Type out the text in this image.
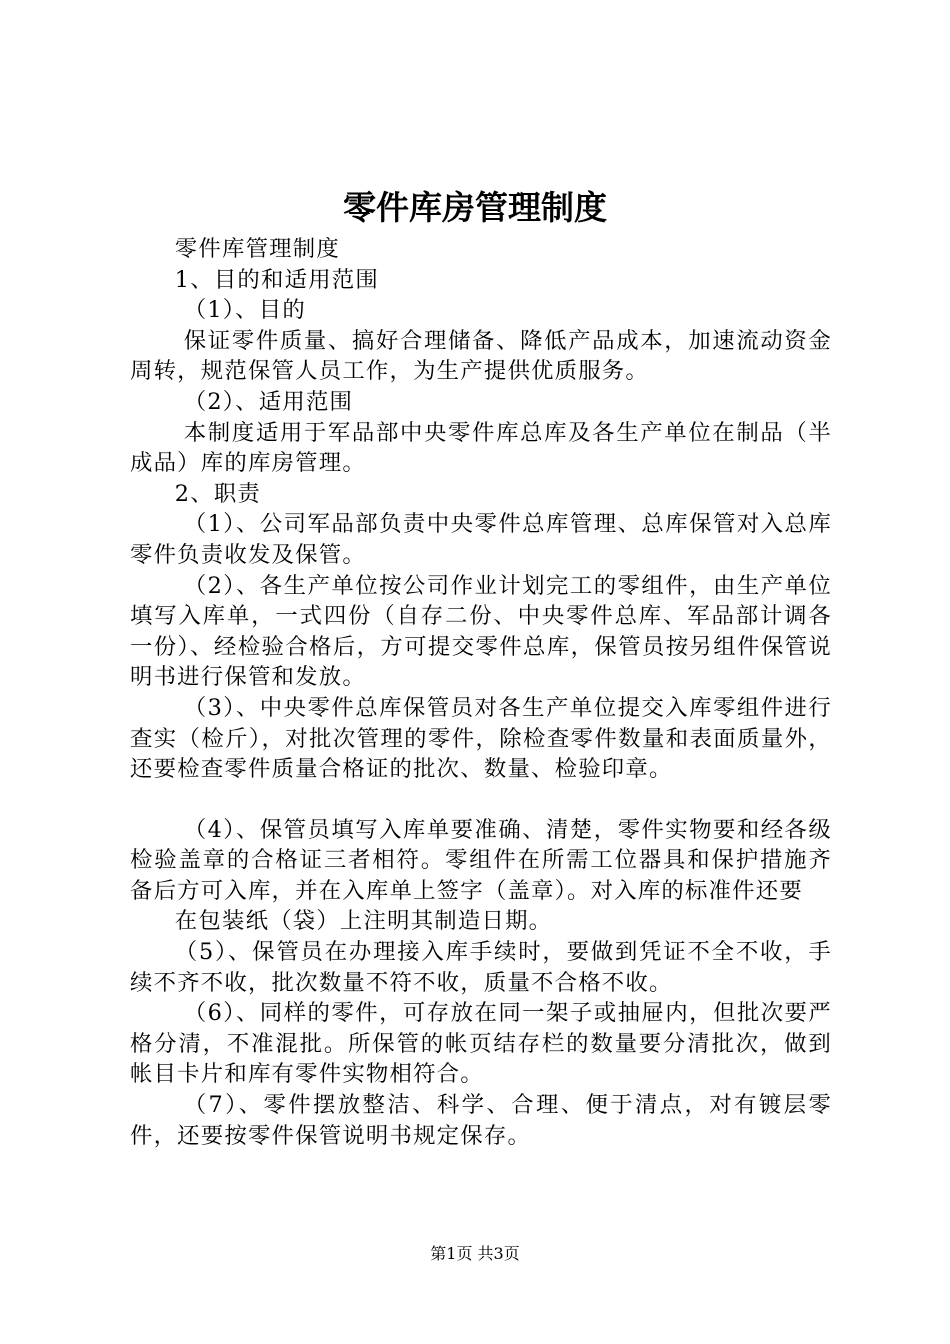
零件库房管理制度

零件库管理制度

1、目的和适用范围

（1）、目的

保证零件质量、搞好合理储备、降低产品成本，加速流动资金周转，规范保管人员工作，为生产提供优质服务。

（2）、适用范围

本制度适用于军品部中央零件库总库及各生产单位在制品（半成品）库的库房管理。

2、职责

（1）、公司军品部负责中央零件总库管理、总库保管对入总库零件负责收发及保管。

（2）、各生产单位按公司作业计划完工的零组件，由生产单位填写入库单，一式四份（自存二份、中央零件总库、军品部计调各一份）、经检验合格后，方可提交零件总库，保管员按另组件保管说明书进行保管和发放。

（3）、中央零件总库保管员对各生产单位提交入库零组件进行查实（检斤），对批次管理的零件，除检查零件数量和表面质量外，还要检查零件质量合格证的批次、数量、检验印章。

（4）、保管员填写入库单要准确、清楚，零件实物要和经各级检验盖章的合格证三者相符。零组件在所需工位器具和保护措施齐备后方可入库，并在入库单上签字（盖章）。对入库的标准件还要

在包装纸（袋）上注明其制造日期。

（5）、保管员在办理接入库手续时，要做到凭证不全不收，手续不齐不收，批次数量不符不收，质量不合格不收。

（6）、同样的零件，可存放在同一架子或抽屉内，但批次要严格分清，不准混批。所保管的帐页结存栏的数量要分清批次，做到帐目卡片和库有零件实物相符合。

（7）、零件摆放整洁、科学、合理、便于清点，对有镀层零件，还要按零件保管说明书规定保存。

第1页 共3页
